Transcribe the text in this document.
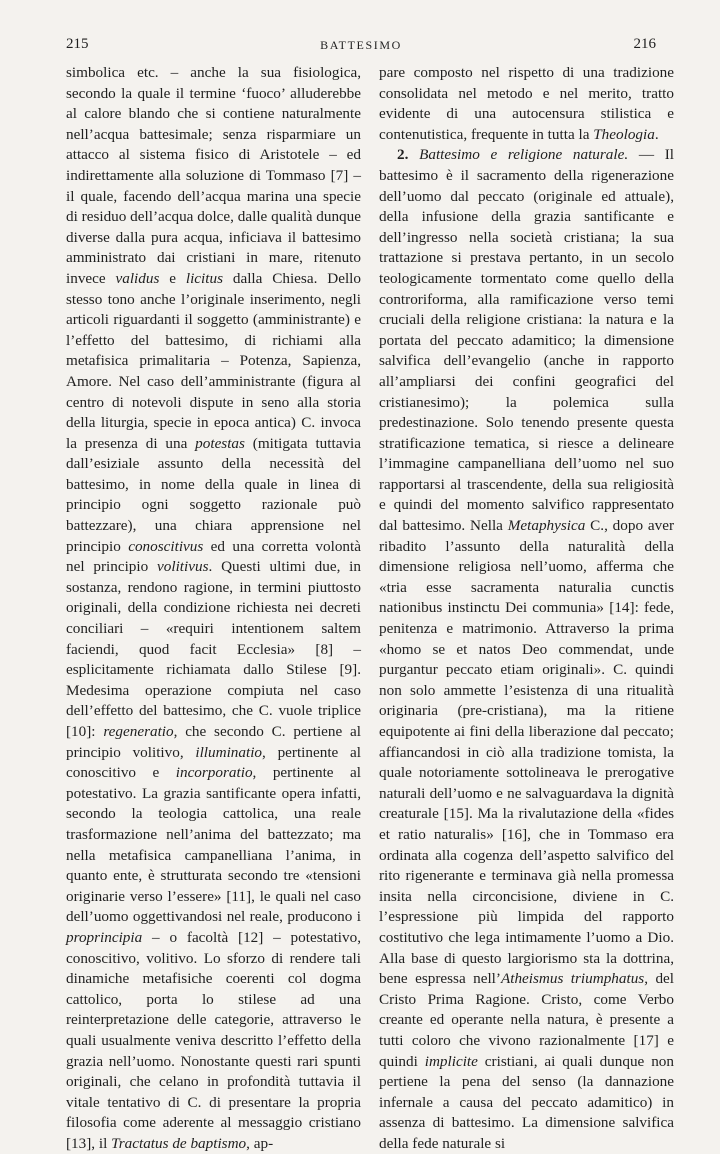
215	BATTESIMO	216

simbolica etc. – anche la sua fisiologica, secondo la quale il termine ‘fuoco’ alluderebbe al calore blando che si contiene naturalmente nell’acqua battesimale; senza risparmiare un attacco al sistema fisico di Aristotele – ed indirettamente alla soluzione di Tommaso [7] – il quale, facendo dell’acqua marina una specie di residuo dell’acqua dolce, dalle qualità dunque diverse dalla pura acqua, inficiava il battesimo amministrato dai cristiani in mare, ritenuto invece validus e licitus dalla Chiesa. Dello stesso tono anche l’originale inserimento, negli articoli riguardanti il soggetto (amministrante) e l’effetto del battesimo, di richiami alla metafisica primalitaria – Potenza, Sapienza, Amore. Nel caso dell’amministrante (figura al centro di notevoli dispute in seno alla storia della liturgia, specie in epoca antica) C. invoca la presenza di una potestas (mitigata tuttavia dall’esiziale assunto della necessità del battesimo, in nome della quale in linea di principio ogni soggetto razionale può battezzare), una chiara apprensione nel principio conoscitivus ed una corretta volontà nel principio volitivus. Questi ultimi due, in sostanza, rendono ragione, in termini piuttosto originali, della condizione richiesta nei decreti conciliari – «requiri intentionem saltem faciendi, quod facit Ecclesia» [8] – esplicitamente richiamata dallo Stilese [9]. Medesima operazione compiuta nel caso dell’effetto del battesimo, che C. vuole triplice [10]: regeneratio, che secondo C. pertiene al principio volitivo, illuminatio, pertinente al conoscitivo e incorporatio, pertinente al potestativo. La grazia santificante opera infatti, secondo la teologia cattolica, una reale trasformazione nell’anima del battezzato; ma nella metafisica campanelliana l’anima, in quanto ente, è strutturata secondo tre «tensioni originarie verso l’essere» [11], le quali nel caso dell’uomo oggettivandosi nel reale, producono i proprincipia – o facoltà [12] – potestativo, conoscitivo, volitivo. Lo sforzo di rendere tali dinamiche metafisiche coerenti col dogma cattolico, porta lo stilese ad una reinterpretazione delle categorie, attraverso le quali usualmente veniva descritto l’effetto della grazia nell’uomo. Nonostante questi rari spunti originali, che celano in profondità tuttavia il vitale tentativo di C. di presentare la propria filosofia come aderente al messaggio cristiano [13], il Tractatus de baptismo, ap-

pare composto nel rispetto di una tradizione consolidata nel metodo e nel merito, tratto evidente di una autocensura stilistica e contenutistica, frequente in tutta la Theologia.

2. Battesimo e religione naturale. — Il battesimo è il sacramento della rigenerazione dell’uomo dal peccato (originale ed attuale), della infusione della grazia santificante e dell’ingresso nella società cristiana; la sua trattazione si prestava pertanto, in un secolo teologicamente tormentato come quello della controriforma, alla ramificazione verso temi cruciali della religione cristiana: la natura e la portata del peccato adamitico; la dimensione salvifica dell’evangelio (anche in rapporto all’ampliarsi dei confini geografici del cristianesimo); la polemica sulla predestinazione. Solo tenendo presente questa stratificazione tematica, si riesce a delineare l’immagine campanelliana dell’uomo nel suo rapportarsi al trascendente, della sua religiosità e quindi del momento salvifico rappresentato dal battesimo. Nella Metaphysica C., dopo aver ribadito l’assunto della naturalità della dimensione religiosa nell’uomo, afferma che «tria esse sacramenta naturalia cunctis nationibus instinctu Dei communia» [14]: fede, penitenza e matrimonio. Attraverso la prima «homo se et natos Deo commendat, unde purgantur peccato etiam originali». C. quindi non solo ammette l’esistenza di una ritualità originaria (pre-cristiana), ma la ritiene equipotente ai fini della liberazione dal peccato; affiancandosi in ciò alla tradizione tomista, la quale notoriamente sottolineava le prerogative naturali dell’uomo e ne salvaguardava la dignità creaturale [15]. Ma la rivalutazione della «fides et ratio naturalis» [16], che in Tommaso era ordinata alla cogenza dell’aspetto salvifico del rito rigenerante e terminava già nella promessa insita nella circoncisione, diviene in C. l’espressione più limpida del rapporto costitutivo che lega intimamente l’uomo a Dio. Alla base di questo largiorismo sta la dottrina, bene espressa nell’Atheismus triumphatus, del Cristo Prima Ragione. Cristo, come Verbo creante ed operante nella natura, è presente a tutti coloro che vivono razionalmente [17] e quindi implicite cristiani, ai quali dunque non pertiene la pena del senso (la dannazione infernale a causa del peccato adamitico) in assenza di battesimo. La dimensione salvifica della fede naturale si
